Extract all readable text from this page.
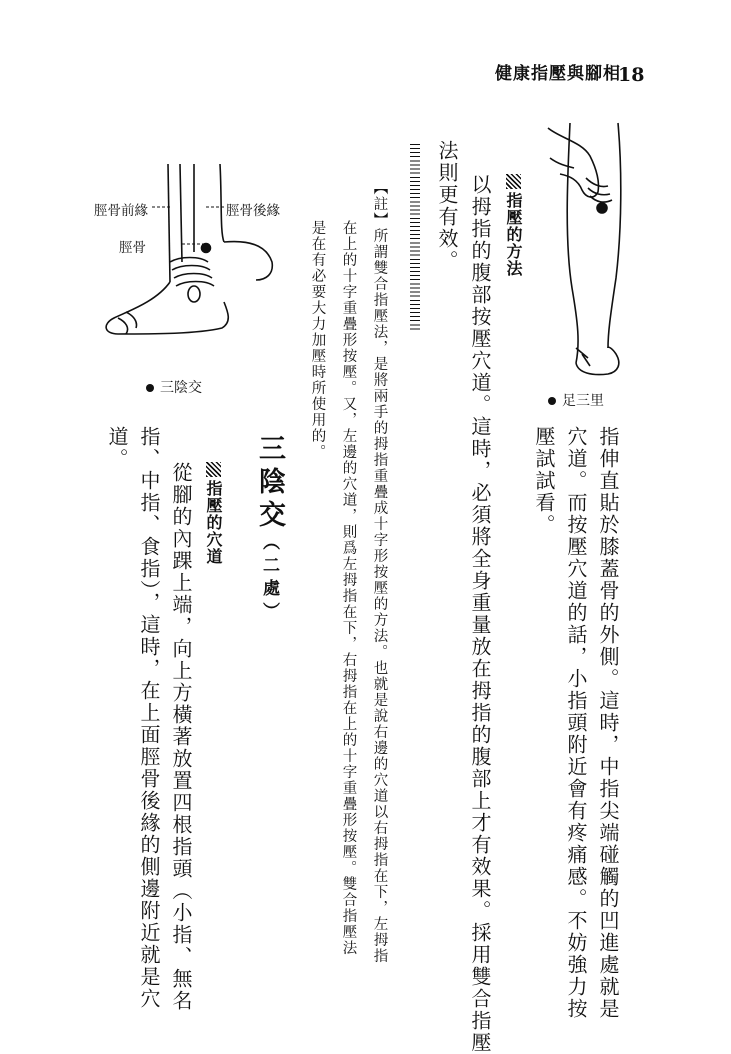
健康指壓與腳相
18
足三里
脛骨前緣	脛骨後緣
脛骨
三陰交
指伸直貼於膝蓋骨的外側。這時，中指尖端碰觸的凹進處就是
穴道。而按壓穴道的話，小指頭附近會有疼痛感。不妨強力按
壓試試看。
指壓的方法
以拇指的腹部按壓穴道。這時，必須將全身重量放在拇指的腹部上才有效果。採用雙合指壓
法則更有效。
【註】所謂雙合指壓法，是將兩手的拇指重疊成十字形按壓的方法。也就是說右邊的穴道以右拇指在下，左拇指
在上的十字重疊形按壓。又，左邊的穴道，則爲左拇指在下，右拇指在上的十字重疊形按壓。雙合指壓法
是在有必要大力加壓時所使用的。
三陰交（二處）
指壓的穴道
從腳的內踝上端，向上方橫著放置四根指頭（小指、無名
指、中指、食指），這時，在上面脛骨後緣的側邊附近就是穴
道。
